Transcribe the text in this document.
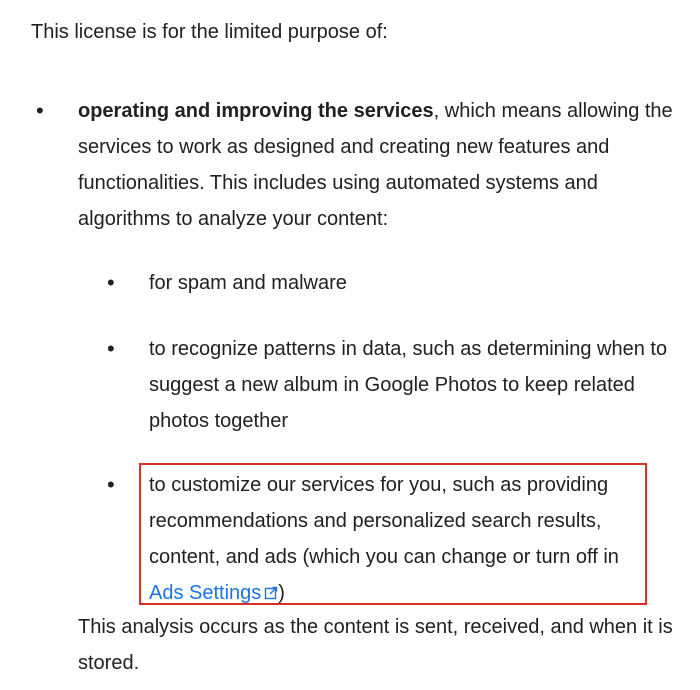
This license is for the limited purpose of:

• operating and improving the services, which means allowing the services to work as designed and creating new features and functionalities. This includes using automated systems and algorithms to analyze your content:

• for spam and malware

• to recognize patterns in data, such as determining when to suggest a new album in Google Photos to keep related photos together

• to customize our services for you, such as providing recommendations and personalized search results, content, and ads (which you can change or turn off in Ads Settings )

This analysis occurs as the content is sent, received, and when it is stored.
